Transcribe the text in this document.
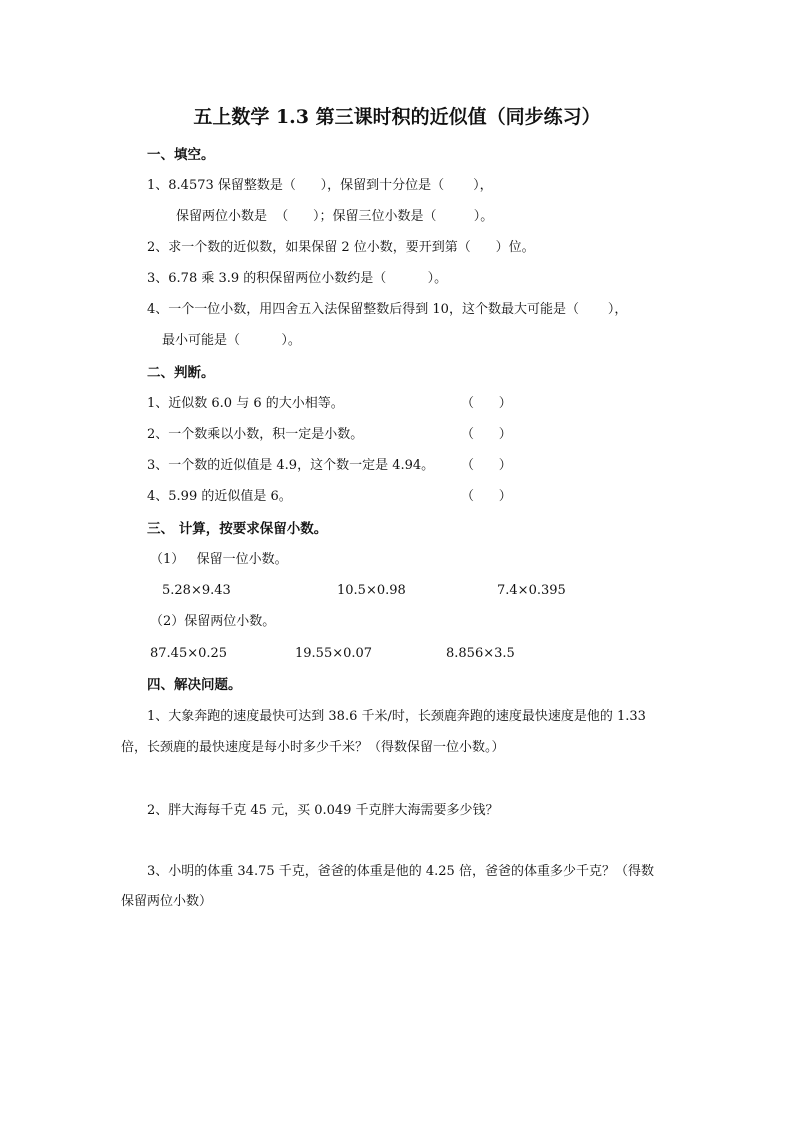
五上数学 1.3 第三课时积的近似值（同步练习）
一、填空。
1、8.4573 保留整数是（      ），保留到十分位是（       ），
保留两位小数是  （      ）；保留三位小数是（         ）。
2、求一个数的近似数，如果保留 2 位小数，要开到第（      ）位。
3、6.78 乘 3.9 的积保留两位小数约是（          ）。
4、一个一位小数，用四舍五入法保留整数后得到 10，这个数最大可能是（       ），
最小可能是（          ）。
二、判断。
1、近似数 6.0 与 6 的大小相等。	（      ）
2、一个数乘以小数，积一定是小数。	（      ）
3、一个数的近似值是 4.9，这个数一定是 4.94。 （      ）
4、5.99 的近似值是 6。	（      ）
三、 计算，按要求保留小数。
（1）   保留一位小数。
5.28×9.43	10.5×0.98	7.4×0.395
（2）保留两位小数。
87.45×0.25	19.55×0.07	8.856×3.5
四、解决问题。
1、大象奔跑的速度最快可达到 38.6 千米/时，长颈鹿奔跑的速度最快速度是他的 1.33
倍，长颈鹿的最快速度是每小时多少千米？（得数保留一位小数。）
2、胖大海每千克 45 元，买 0.049 千克胖大海需要多少钱？
3、小明的体重 34.75 千克，爸爸的体重是他的 4.25 倍，爸爸的体重多少千克？（得数
保留两位小数）
